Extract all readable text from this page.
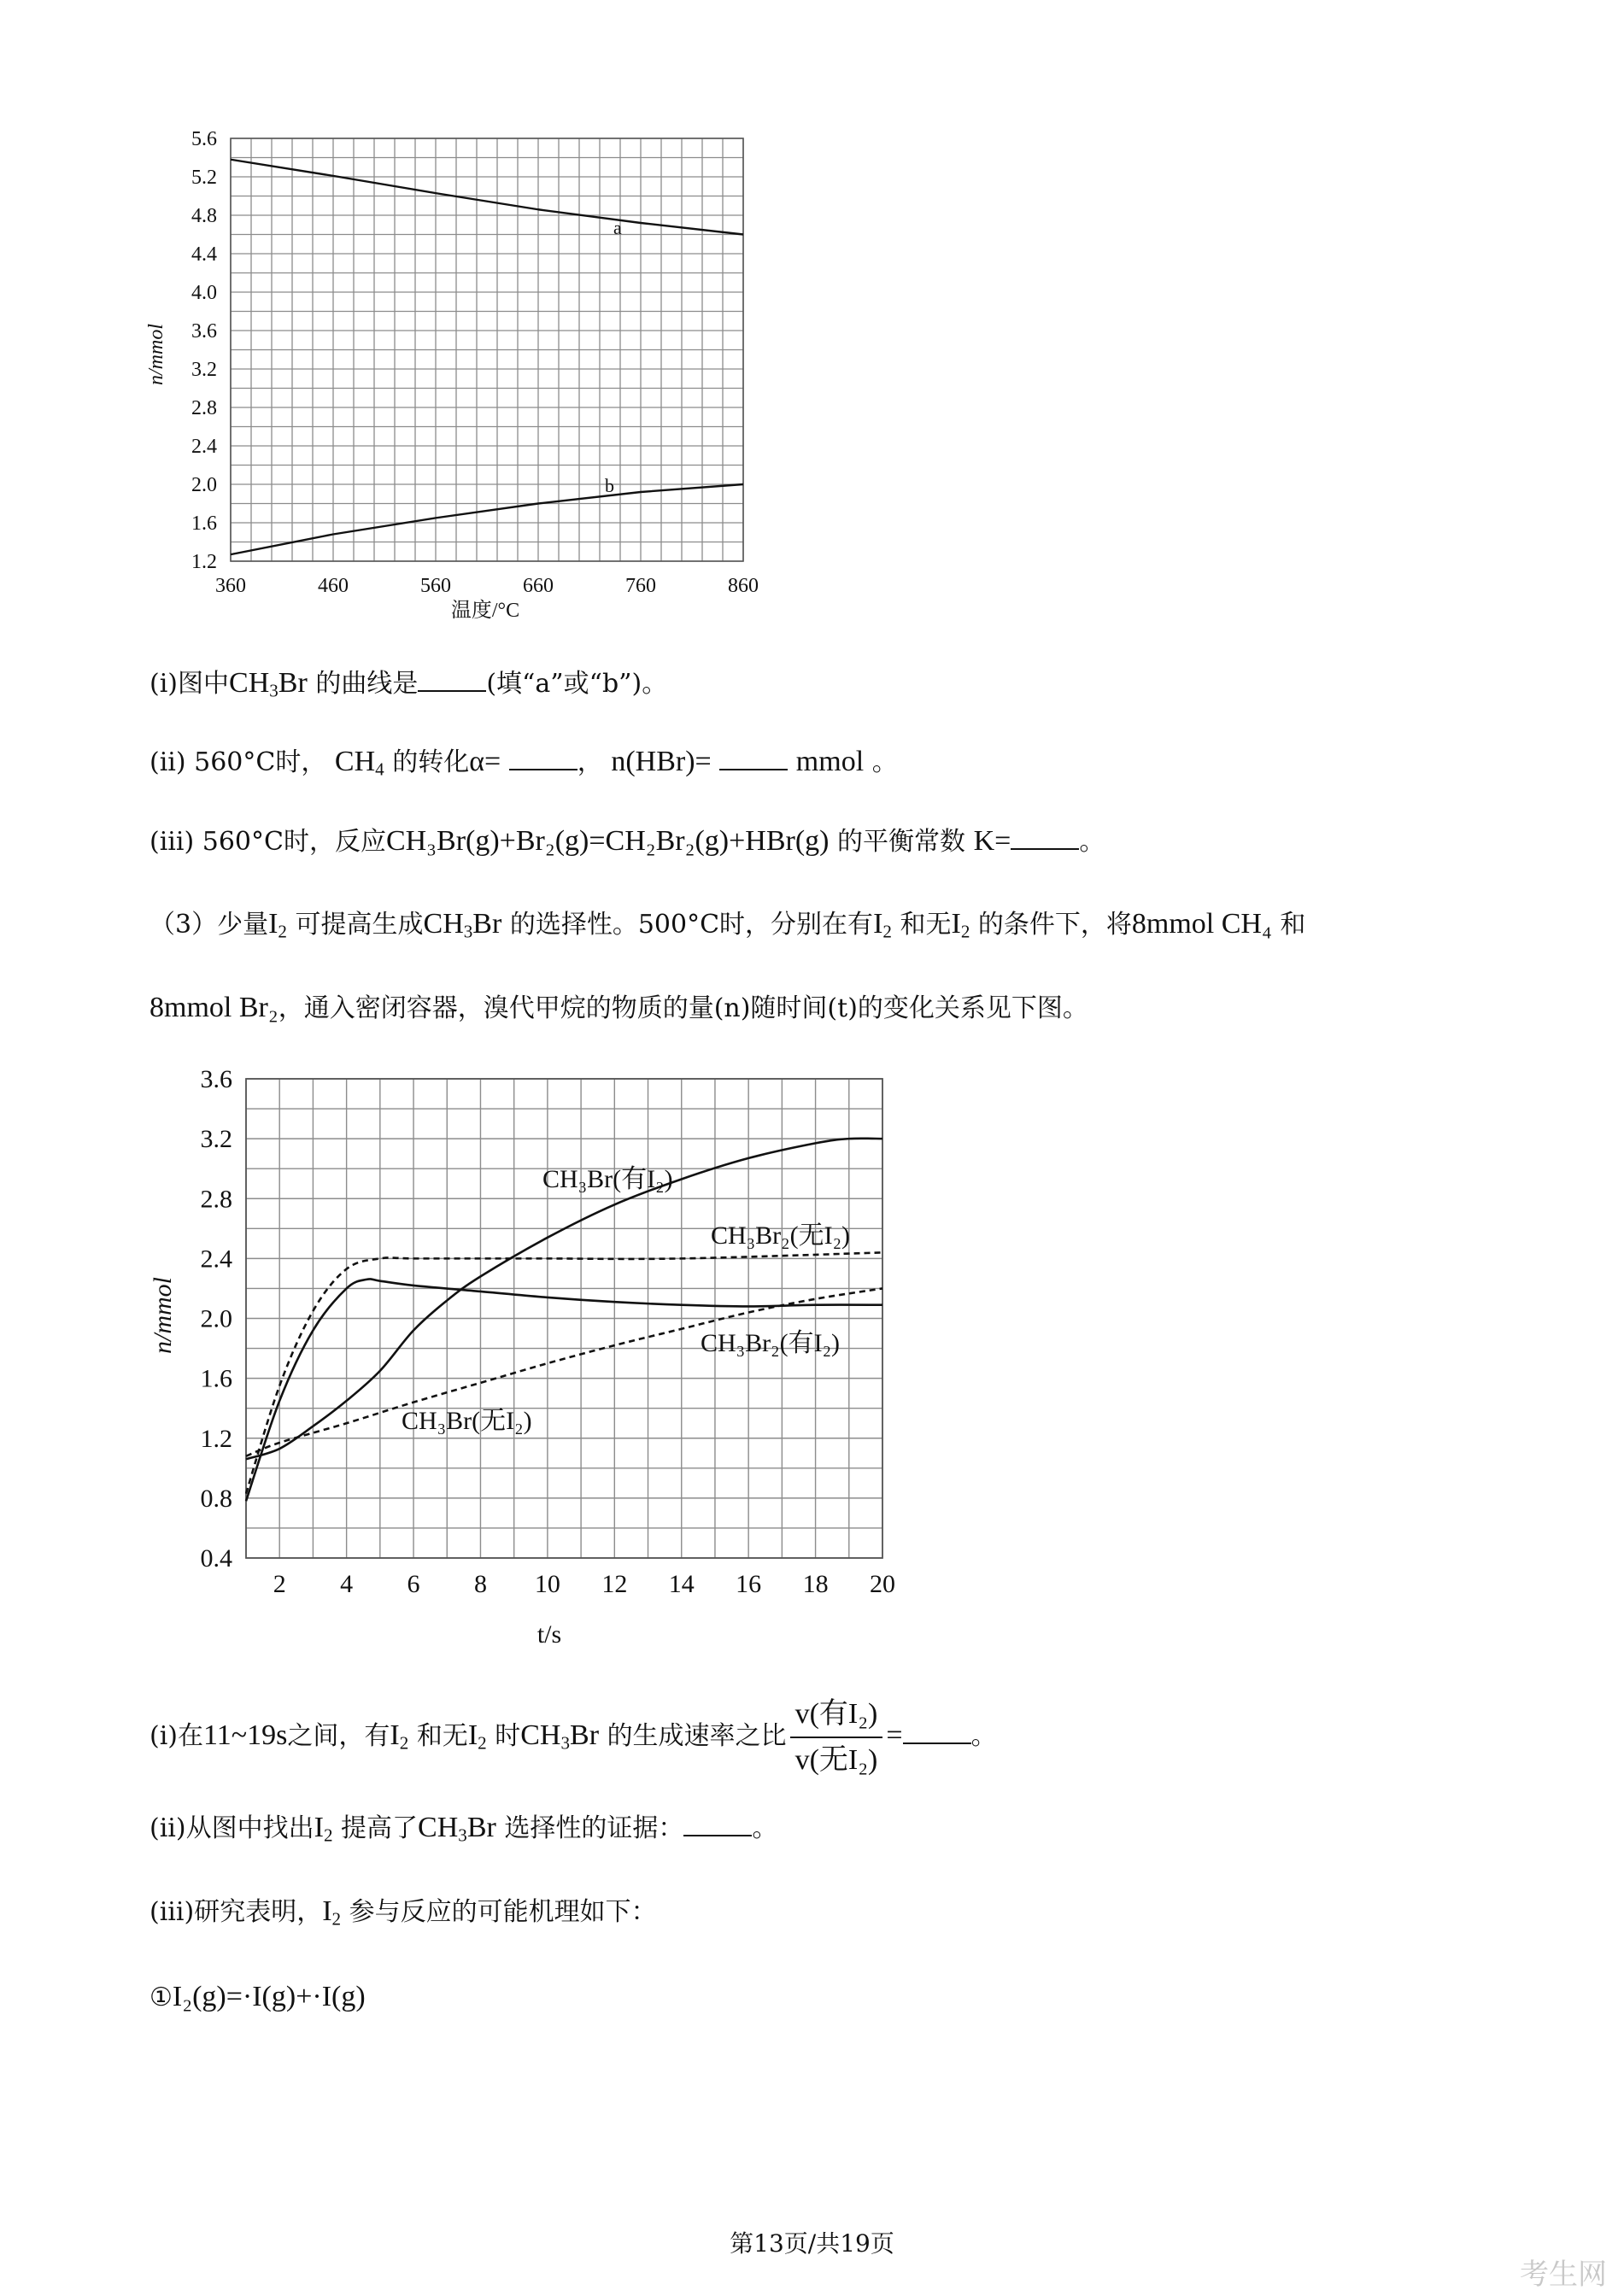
360	460	560	660	760	860
1.2
1.6
2.0
2.4
2.8
3.2
3.6
4.0
4.4
4.8
5.2
5.6
n/mmol
温度/°C
a
b
(i)图中$CH_3Br$ 的曲线是	(填“a”或“b”)。
(ii) 560°C时， $CH_4$ 的转化α=	， n(HBr)=	mmol 。
(iii) 560°C时，反应CH₃Br(g)+Br₂(g)=CH₂Br₂(g)+HBr(g) 的平衡常数 K=	。
（3）少量$I_2$ 可提高生成$CH_3Br$ 的选择性。500°C时，分别在有$I_2$ 和无$I_2$ 的条件下，将8mmol CH₄ 和
8mmol Br₂，通入密闭容器，溴代甲烷的物质的量(n)随时间(t)的变化关系见下图。
2 4 6 8 10 12 14 16 18 20
0.4
0.8
1.2
1.6
2.0
2.4
2.8
3.2
3.6
n/mmol
t/s
CH₃Br(有I₂)
CH₃Br₂(无I₂)
CH₃Br₂(有I₂)
CH₃Br(无I₂)
(i)在11~19s之间，有$I_2$ 和无$I_2$ 时$CH_3Br$ 的生成速率之比 $\frac{\text{v(有I₂)}}{\text{v(无I₂)}}$ =	。
(ii)从图中找出$I_2$ 提高了$CH_3Br$ 选择性的证据：	。
(iii)研究表明，$I_2$ 参与反应的可能机理如下：
①I₂(g)=·I(g)+·I(g)
第13页/共19页
考生网
